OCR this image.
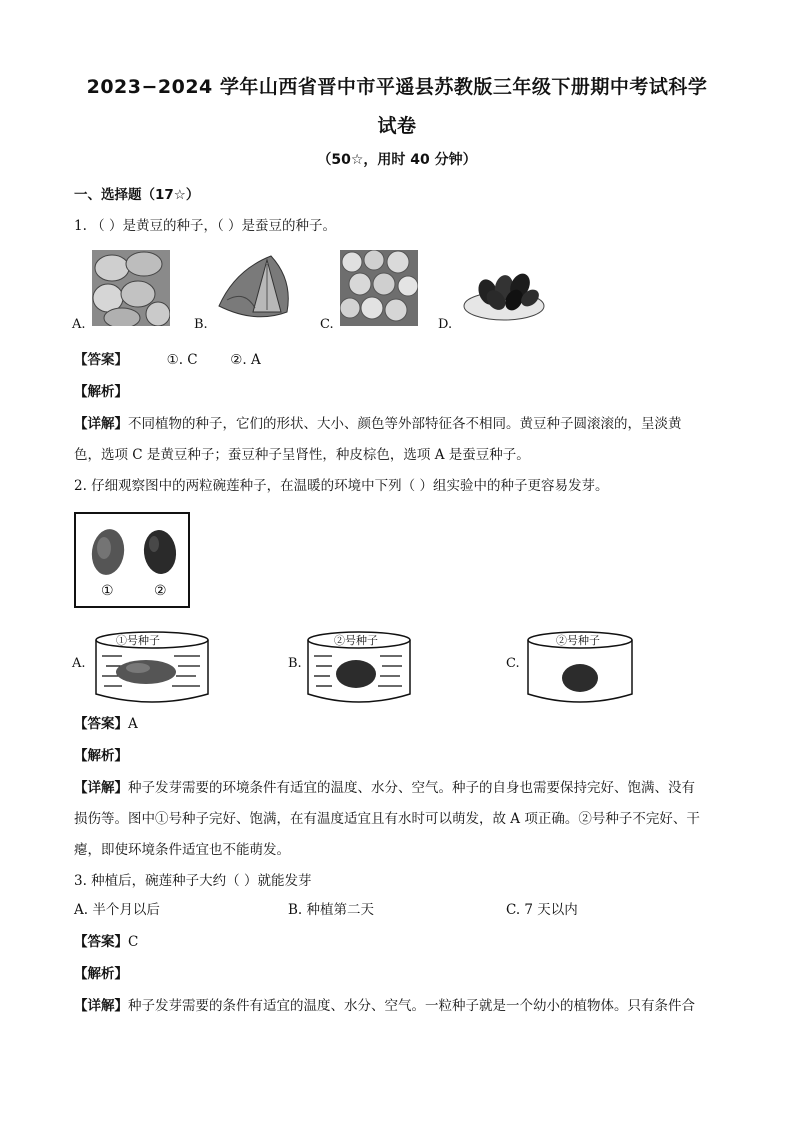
2023−2024 学年山西省晋中市平遥县苏教版三年级下册期中考试科学
试卷
（50☆，用时 40 分钟）
一、选择题（17☆）
1. （ ）是黄豆的种子，（ ）是蚕豆的种子。
A.	B.	C.	D.
【答案】	①. C ②. A
【解析】
【详解】不同植物的种子，它们的形状、大小、颜色等外部特征各不相同。黄豆种子圆滚滚的，呈淡黄
色，选项 C 是黄豆种子；蚕豆种子呈肾性，种皮棕色，选项 A 是蚕豆种子。
2. 仔细观察图中的两粒碗莲种子，在温暖的环境中下列（ ）组实验中的种子更容易发芽。
①	②
①号种子	②号种子	②号种子
A.	B.	C.
【答案】A
【解析】
【详解】种子发芽需要的环境条件有适宜的温度、水分、空气。种子的自身也需要保持完好、饱满、没有
损伤等。图中①号种子完好、饱满，在有温度适宜且有水时可以萌发，故 A 项正确。②号种子不完好、干
瘪，即使环境条件适宜也不能萌发。
3. 种植后，碗莲种子大约（ ）就能发芽
A. 半个月以后	B. 种植第二天	C. 7 天以内
【答案】C
【解析】
【详解】种子发芽需要的条件有适宜的温度、水分、空气。一粒种子就是一个幼小的植物体。只有条件合
